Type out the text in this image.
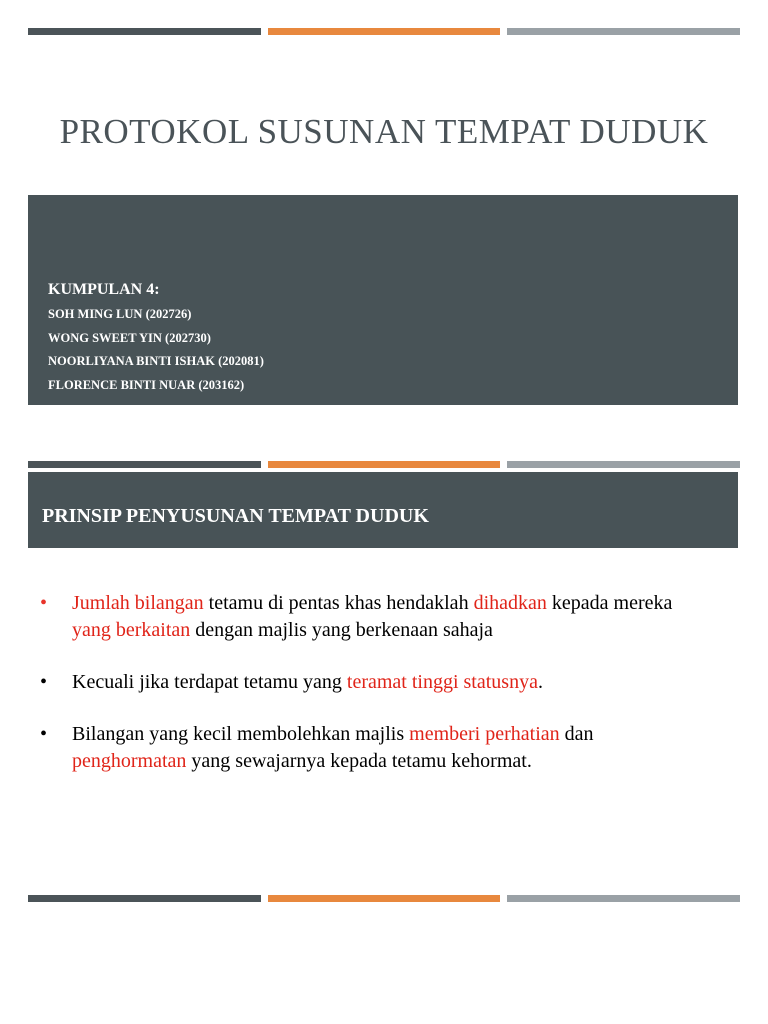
PROTOKOL SUSUNAN TEMPAT DUDUK
KUMPULAN 4:
SOH MING LUN (202726)
WONG SWEET YIN (202730)
NOORLIYANA BINTI ISHAK (202081)
FLORENCE BINTI NUAR (203162)
PRINSIP PENYUSUNAN TEMPAT DUDUK
•	Jumlah bilangan tetamu di pentas khas hendaklah dihadkan kepada mereka yang berkaitan dengan majlis yang berkenaan sahaja
•	Kecuali jika terdapat tetamu yang teramat tinggi statusnya.
•	Bilangan yang kecil membolehkan majlis memberi perhatian dan penghormatan yang sewajarnya kepada tetamu kehormat.
